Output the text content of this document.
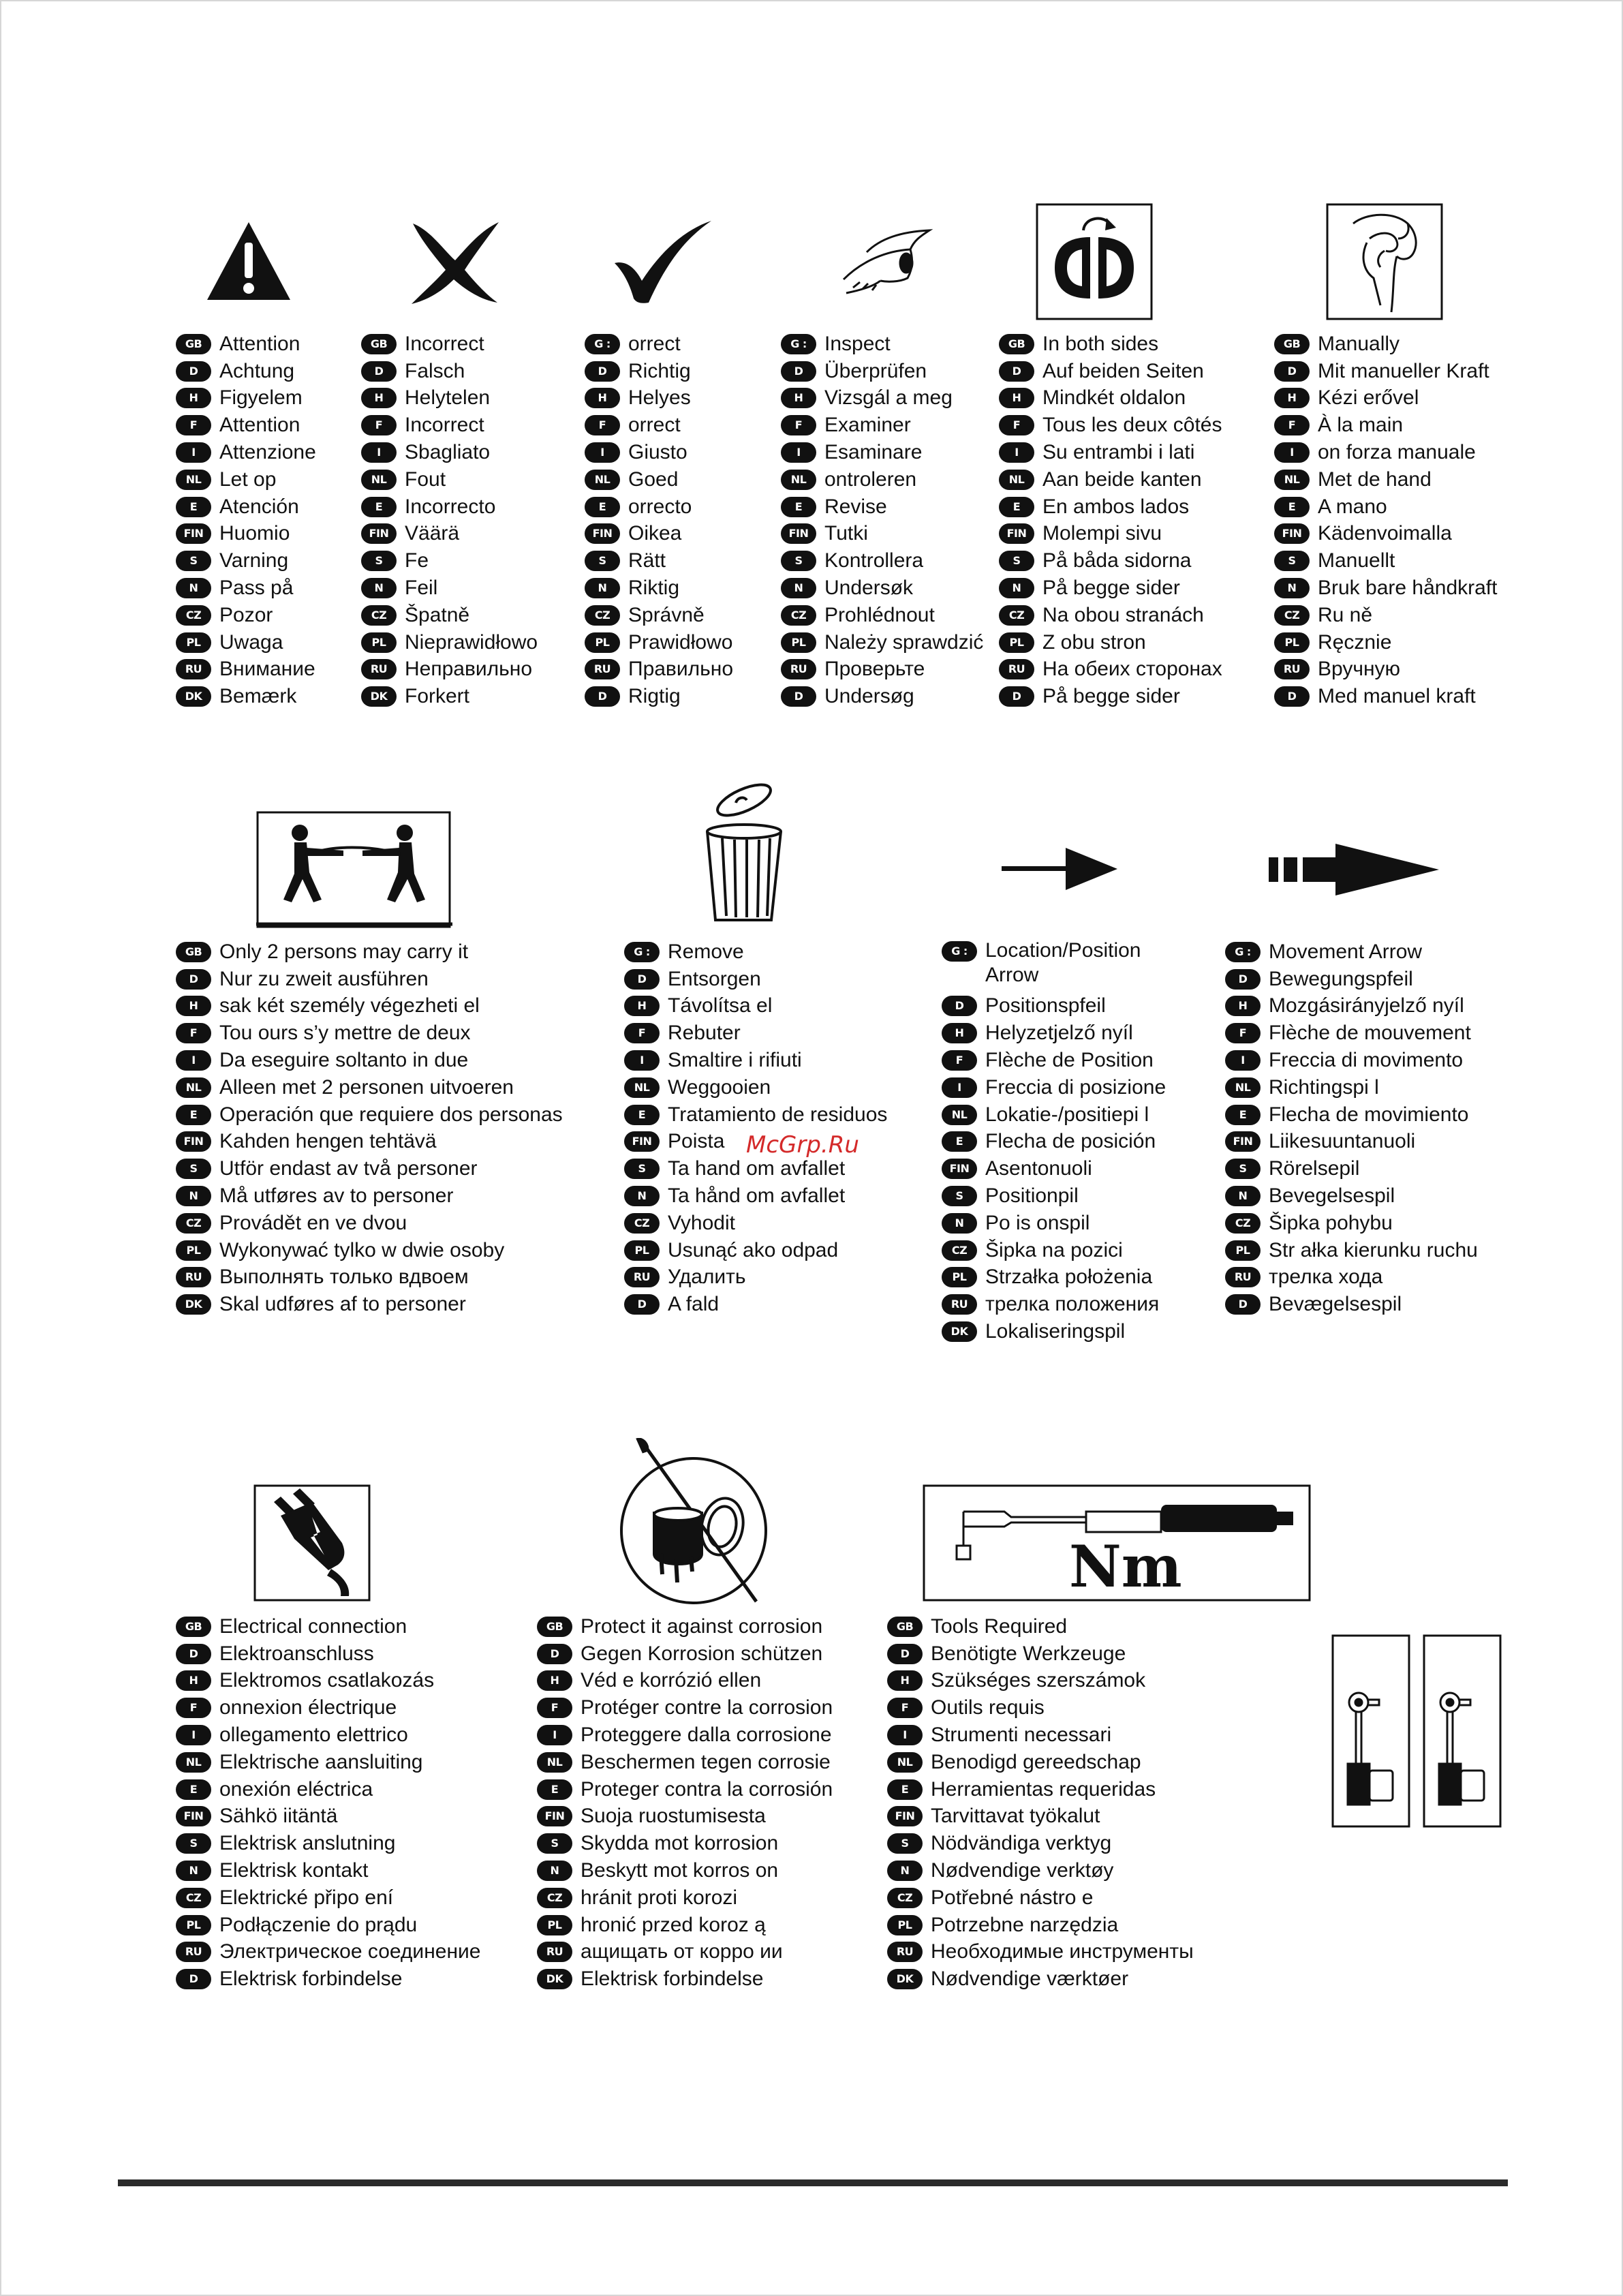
GB Attention
D	Achtung
H	Figyelem
F	Attention
I	Attenzione
NL Let op
E	Atención
FIN Huomio
S	Varning
N	Pass på
CZ Pozor
PL Uwaga
RU Внимание
DK Bemærk
GB Incorrect
D	Falsch
H	Helytelen
F	Incorrect
I	Sbagliato
NL Fout
E	Incorrecto
FIN Väärä
S	Fe
N	Feil
CZ Špatně
PL Nieprawidłowo
RU Неправильно
DK Forkert
G : orrect
D	Richtig
H	Helyes
F	orrect
I	Giusto
NL Goed
E	orrecto
FIN Oikea
S	Rätt
N	Riktig
CZ Správně
PL Prawidłowo
RU Правильно
D	Rigtig
G : Inspect
D	Überprüfen
H	Vizsgál a meg
F	Examiner
I	Esaminare
NL ontroleren
E	Revise
FIN Tutki
S	Kontrollera
N	Undersøk
CZ Prohlédnout
PL Należy sprawdzić
RU Проверьте
D	Undersøg
GB In both sides
D	Auf beiden Seiten
H	Mindkét oldalon
F	Tous les deux côtés
I	Su entrambi i lati
NL Aan beide kanten
E	En ambos lados
FIN Molempi sivu
S	På båda sidorna
N	På begge sider
CZ Na obou stranách
PL Z obu stron
RU На обеих сторонах
D	På begge sider
GB Manually
D	Mit manueller Kraft
H	Kézi erővel
F	À la main
I	on forza manuale
NL Met de hand
E	A mano
FIN Kädenvoimalla
S	Manuellt
N	Bruk bare håndkraft
CZ Ru ně
PL Ręcznie
RU Вручную
D	Med manuel kraft
GB Only 2 persons may carry it
D	Nur zu zweit ausführen
H	sak két személy végezheti el
F	Tou ours s’y mettre de deux
I	Da eseguire soltanto in due
NL Alleen met 2 personen uitvoeren
E	Operación que requiere dos personas
FIN Kahden hengen tehtävä
S	Utför endast av två personer
N	Må utføres av to personer
CZ Provádět en ve dvou
PL Wykonywać tylko w dwie osoby
RU Выполнять только вдвоем
DK Skal udføres af to personer
G : Remove
D	Entsorgen
H	Távolítsa el
F	Rebuter
I	Smaltire i rifiuti
NL Weggooien
E	Tratamiento de residuos
FIN Poista
S	Ta hand om avfallet
N	Ta hånd om avfallet
CZ Vyhodit
PL Usunąć ako odpad
RU Удалить
D	A fald
G : Location/Position Arrow
D	Positionspfeil
H	Helyzetjelző nyíl
F	Flèche de Position
I	Freccia di posizione
NL Lokatie-/positiepi l
E	Flecha de posición
FIN Asentonuoli
S	Positionpil
N	Po is onspil
CZ Šipka na pozici
PL Strzałka położenia
RU трелка положения
DK Lokaliseringspil
G : Movement Arrow
D	Bewegungspfeil
H	Mozgásirányjelző nyíl
F	Flèche de mouvement
I	Freccia di movimento
NL Richtingspi l
E	Flecha de movimiento
FIN Liikesuuntanuoli
S	Rörelsepil
N	Bevegelsespil
CZ Šipka pohybu
PL Str ałka kierunku ruchu
RU трелка хода
D	Bevægelsespil
McGrp.Ru
Nm
GB Electrical connection
D	Elektroanschluss
H	Elektromos csatlakozás
F	onnexion électrique
I	ollegamento elettrico
NL Elektrische aansluiting
E	onexión eléctrica
FIN Sähkö iitäntä
S	Elektrisk anslutning
N	Elektrisk kontakt
CZ Elektrické připo ení
PL Podłączenie do prądu
RU Электрическое соединение
D	Elektrisk forbindelse
GB Protect it against corrosion
D	Gegen Korrosion schützen
H	Véd e korrózió ellen
F	Protéger contre la corrosion
I	Proteggere dalla corrosione
NL Beschermen tegen corrosie
E	Proteger contra la corrosión
FIN Suoja ruostumisesta
S	Skydda mot korrosion
N	Beskytt mot korros on
CZ hránit proti korozi
PL hronić przed koroz ą
RU ащищать от корро ии
DK Elektrisk forbindelse
GB Tools Required
D	Benötigte Werkzeuge
H	Szükséges szerszámok
F	Outils requis
I	Strumenti necessari
NL Benodigd gereedschap
E	Herramientas requeridas
FIN Tarvittavat työkalut
S	Nödvändiga verktyg
N	Nødvendige verktøy
CZ Potřebné nástro e
PL Potrzebne narzędzia
RU Необходимые инструменты
DK Nødvendige værktøer
